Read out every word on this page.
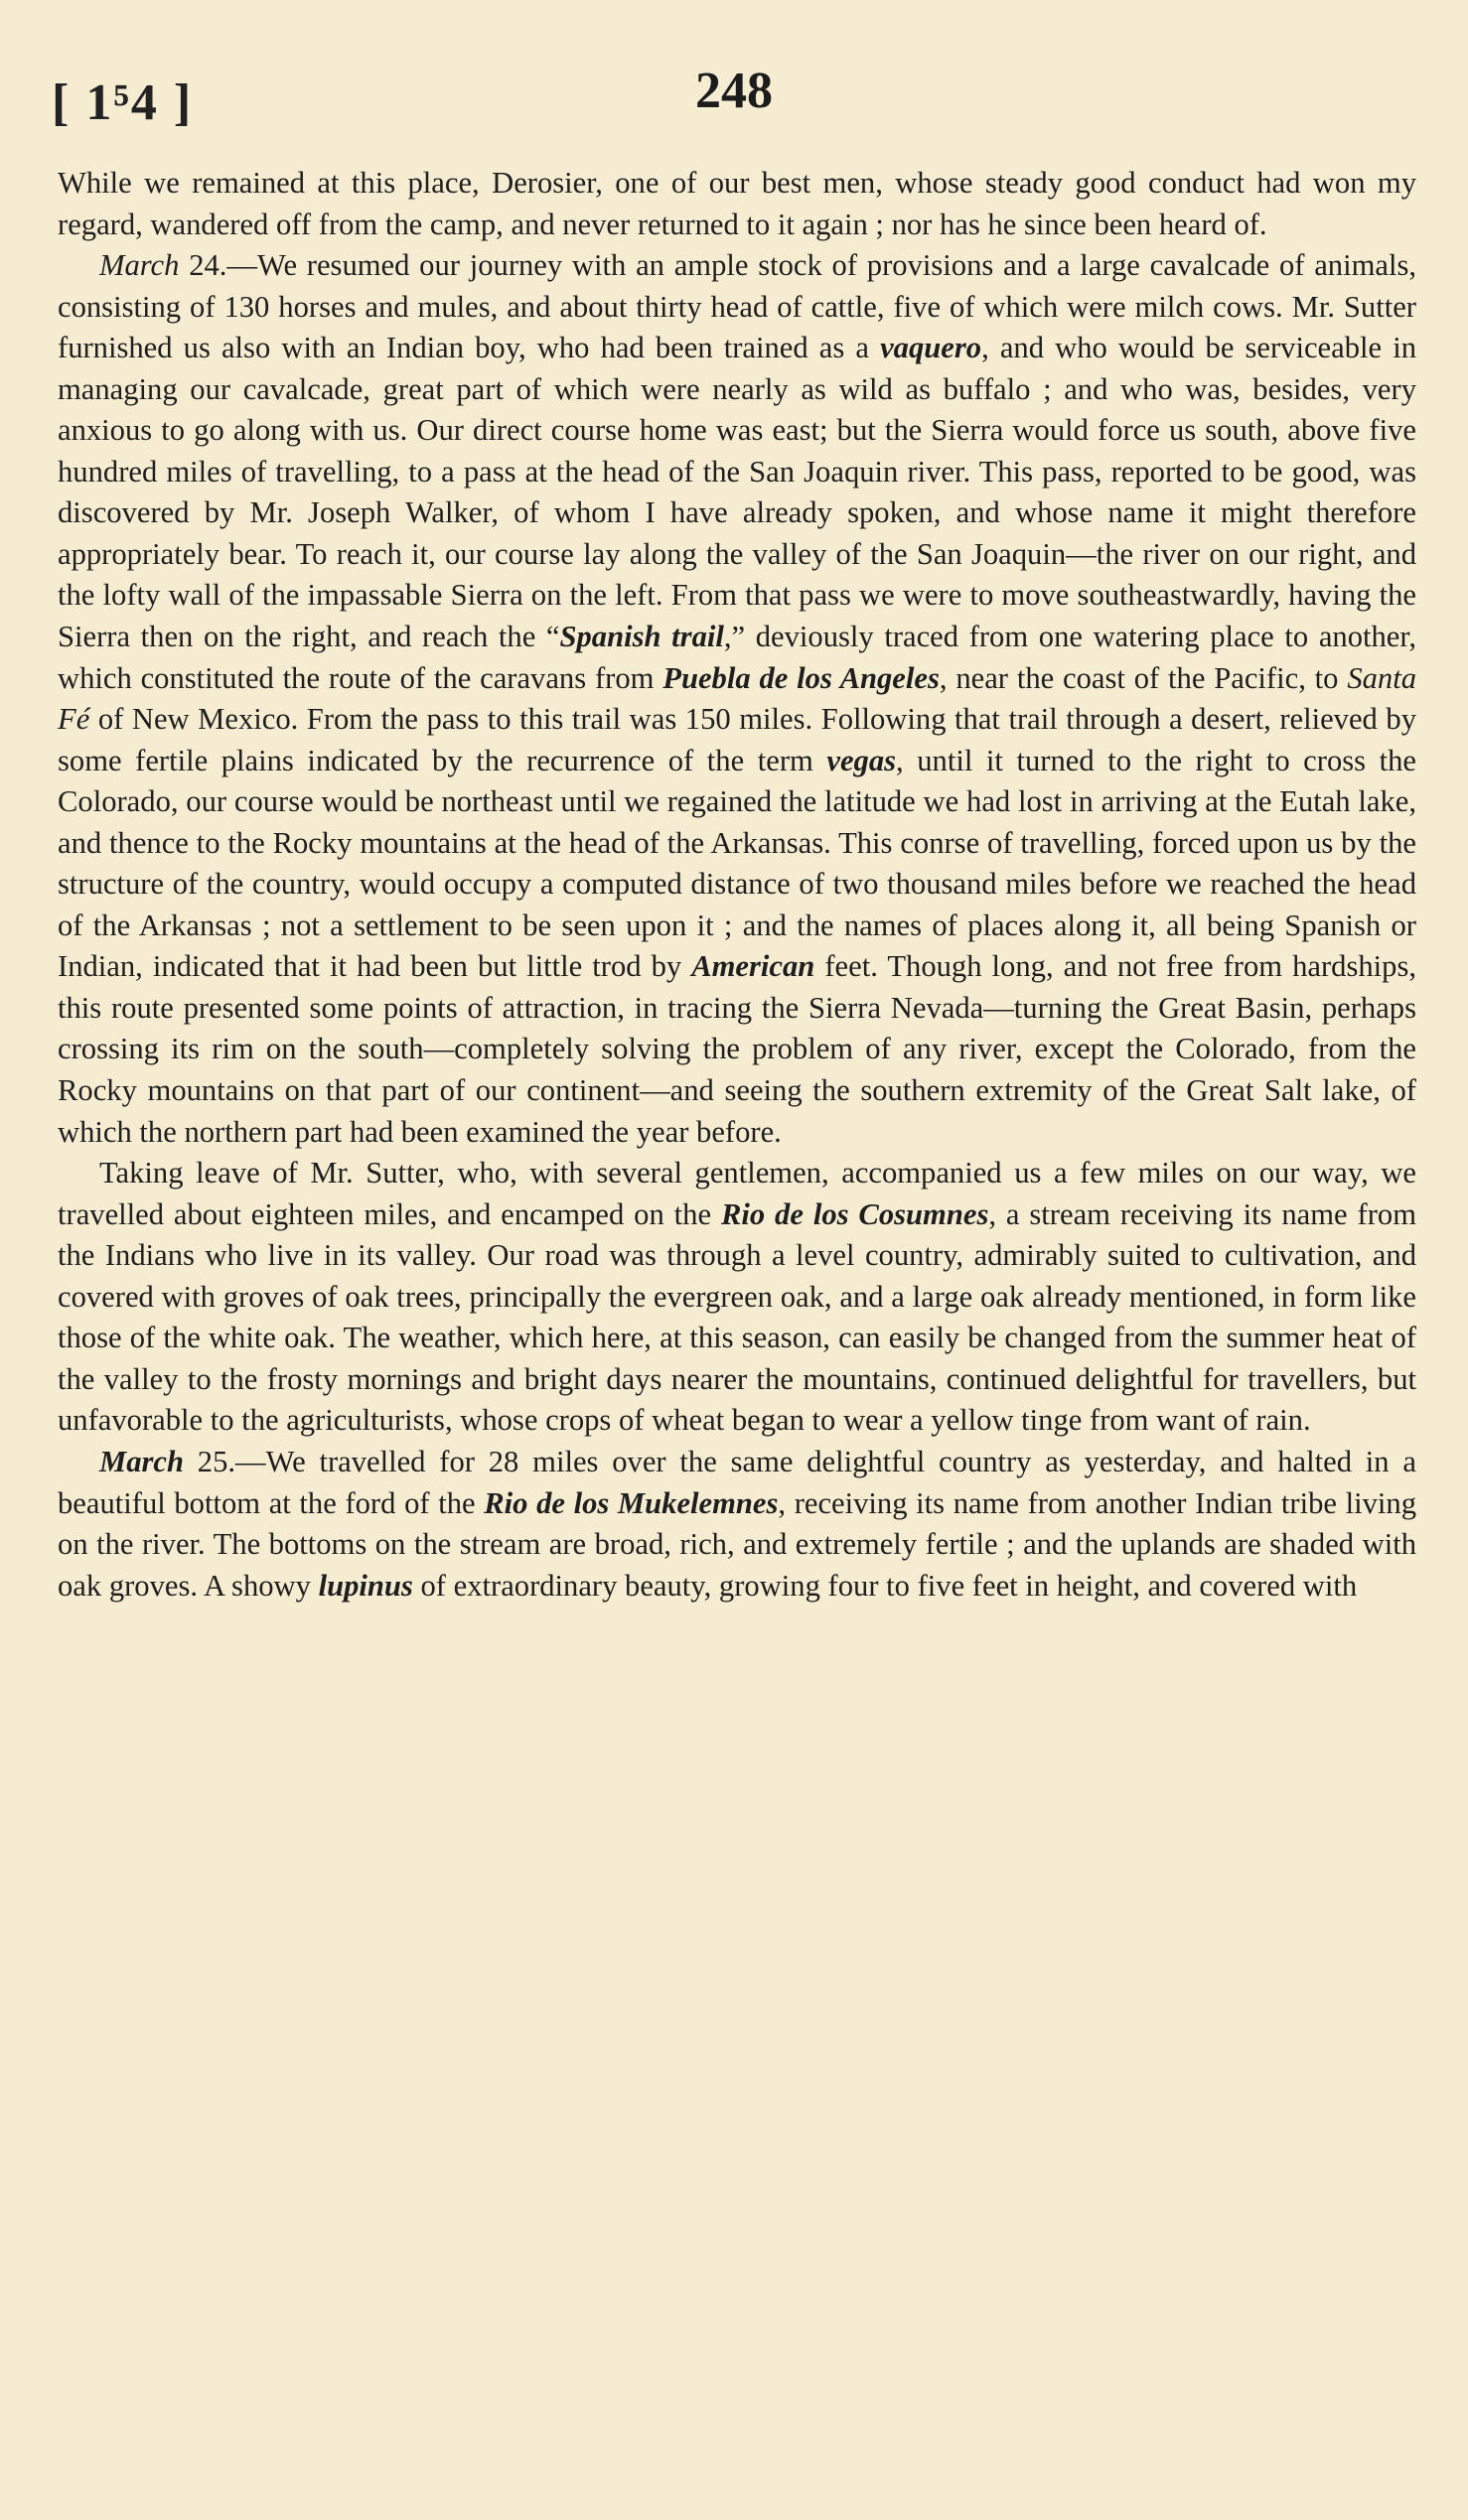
[ 1⁵4 ]	248

While we remained at this place, Derosier, one of our best men, whose steady good conduct had won my regard, wandered off from the camp, and never returned to it again ; nor has he since been heard of.

March 24.—We resumed our journey with an ample stock of provisions and a large cavalcade of animals, consisting of 130 horses and mules, and about thirty head of cattle, five of which were milch cows. Mr. Sutter furnished us also with an Indian boy, who had been trained as a vaquero, and who would be serviceable in managing our cavalcade, great part of which were nearly as wild as buffalo ; and who was, besides, very anxious to go along with us. Our direct course home was east; but the Sierra would force us south, above five hundred miles of travelling, to a pass at the head of the San Joaquin river. This pass, reported to be good, was discovered by Mr. Joseph Walker, of whom I have already spoken, and whose name it might therefore appropriately bear. To reach it, our course lay along the valley of the San Joaquin—the river on our right, and the lofty wall of the impassable Sierra on the left. From that pass we were to move southeastwardly, having the Sierra then on the right, and reach the “Spanish trail,” deviously traced from one watering place to another, which constituted the route of the caravans from Puebla de los Angeles, near the coast of the Pacific, to Santa Fé of New Mexico. From the pass to this trail was 150 miles. Following that trail through a desert, relieved by some fertile plains indicated by the recurrence of the term vegas, until it turned to the right to cross the Colorado, our course would be northeast until we regained the latitude we had lost in arriving at the Eutah lake, and thence to the Rocky mountains at the head of the Arkansas. This conrse of travelling, forced upon us by the structure of the country, would occupy a computed distance of two thousand miles before we reached the head of the Arkansas ; not a settlement to be seen upon it ; and the names of places along it, all being Spanish or Indian, indicated that it had been but little trod by American feet. Though long, and not free from hardships, this route presented some points of attraction, in tracing the Sierra Nevada—turning the Great Basin, perhaps crossing its rim on the south—completely solving the problem of any river, except the Colorado, from the Rocky mountains on that part of our continent—and seeing the southern extremity of the Great Salt lake, of which the northern part had been examined the year before.

Taking leave of Mr. Sutter, who, with several gentlemen, accompanied us a few miles on our way, we travelled about eighteen miles, and encamped on the Rio de los Cosumnes, a stream receiving its name from the Indians who live in its valley. Our road was through a level country, admirably suited to cultivation, and covered with groves of oak trees, principally the evergreen oak, and a large oak already mentioned, in form like those of the white oak. The weather, which here, at this season, can easily be changed from the summer heat of the valley to the frosty mornings and bright days nearer the mountains, continued delightful for travellers, but unfavorable to the agriculturists, whose crops of wheat began to wear a yellow tinge from want of rain.

March 25.—We travelled for 28 miles over the same delightful country as yesterday, and halted in a beautiful bottom at the ford of the Rio de los Mukelemnes, receiving its name from another Indian tribe living on the river. The bottoms on the stream are broad, rich, and extremely fertile ; and the uplands are shaded with oak groves. A showy lupinus of extraordinary beauty, growing four to five feet in height, and covered with
